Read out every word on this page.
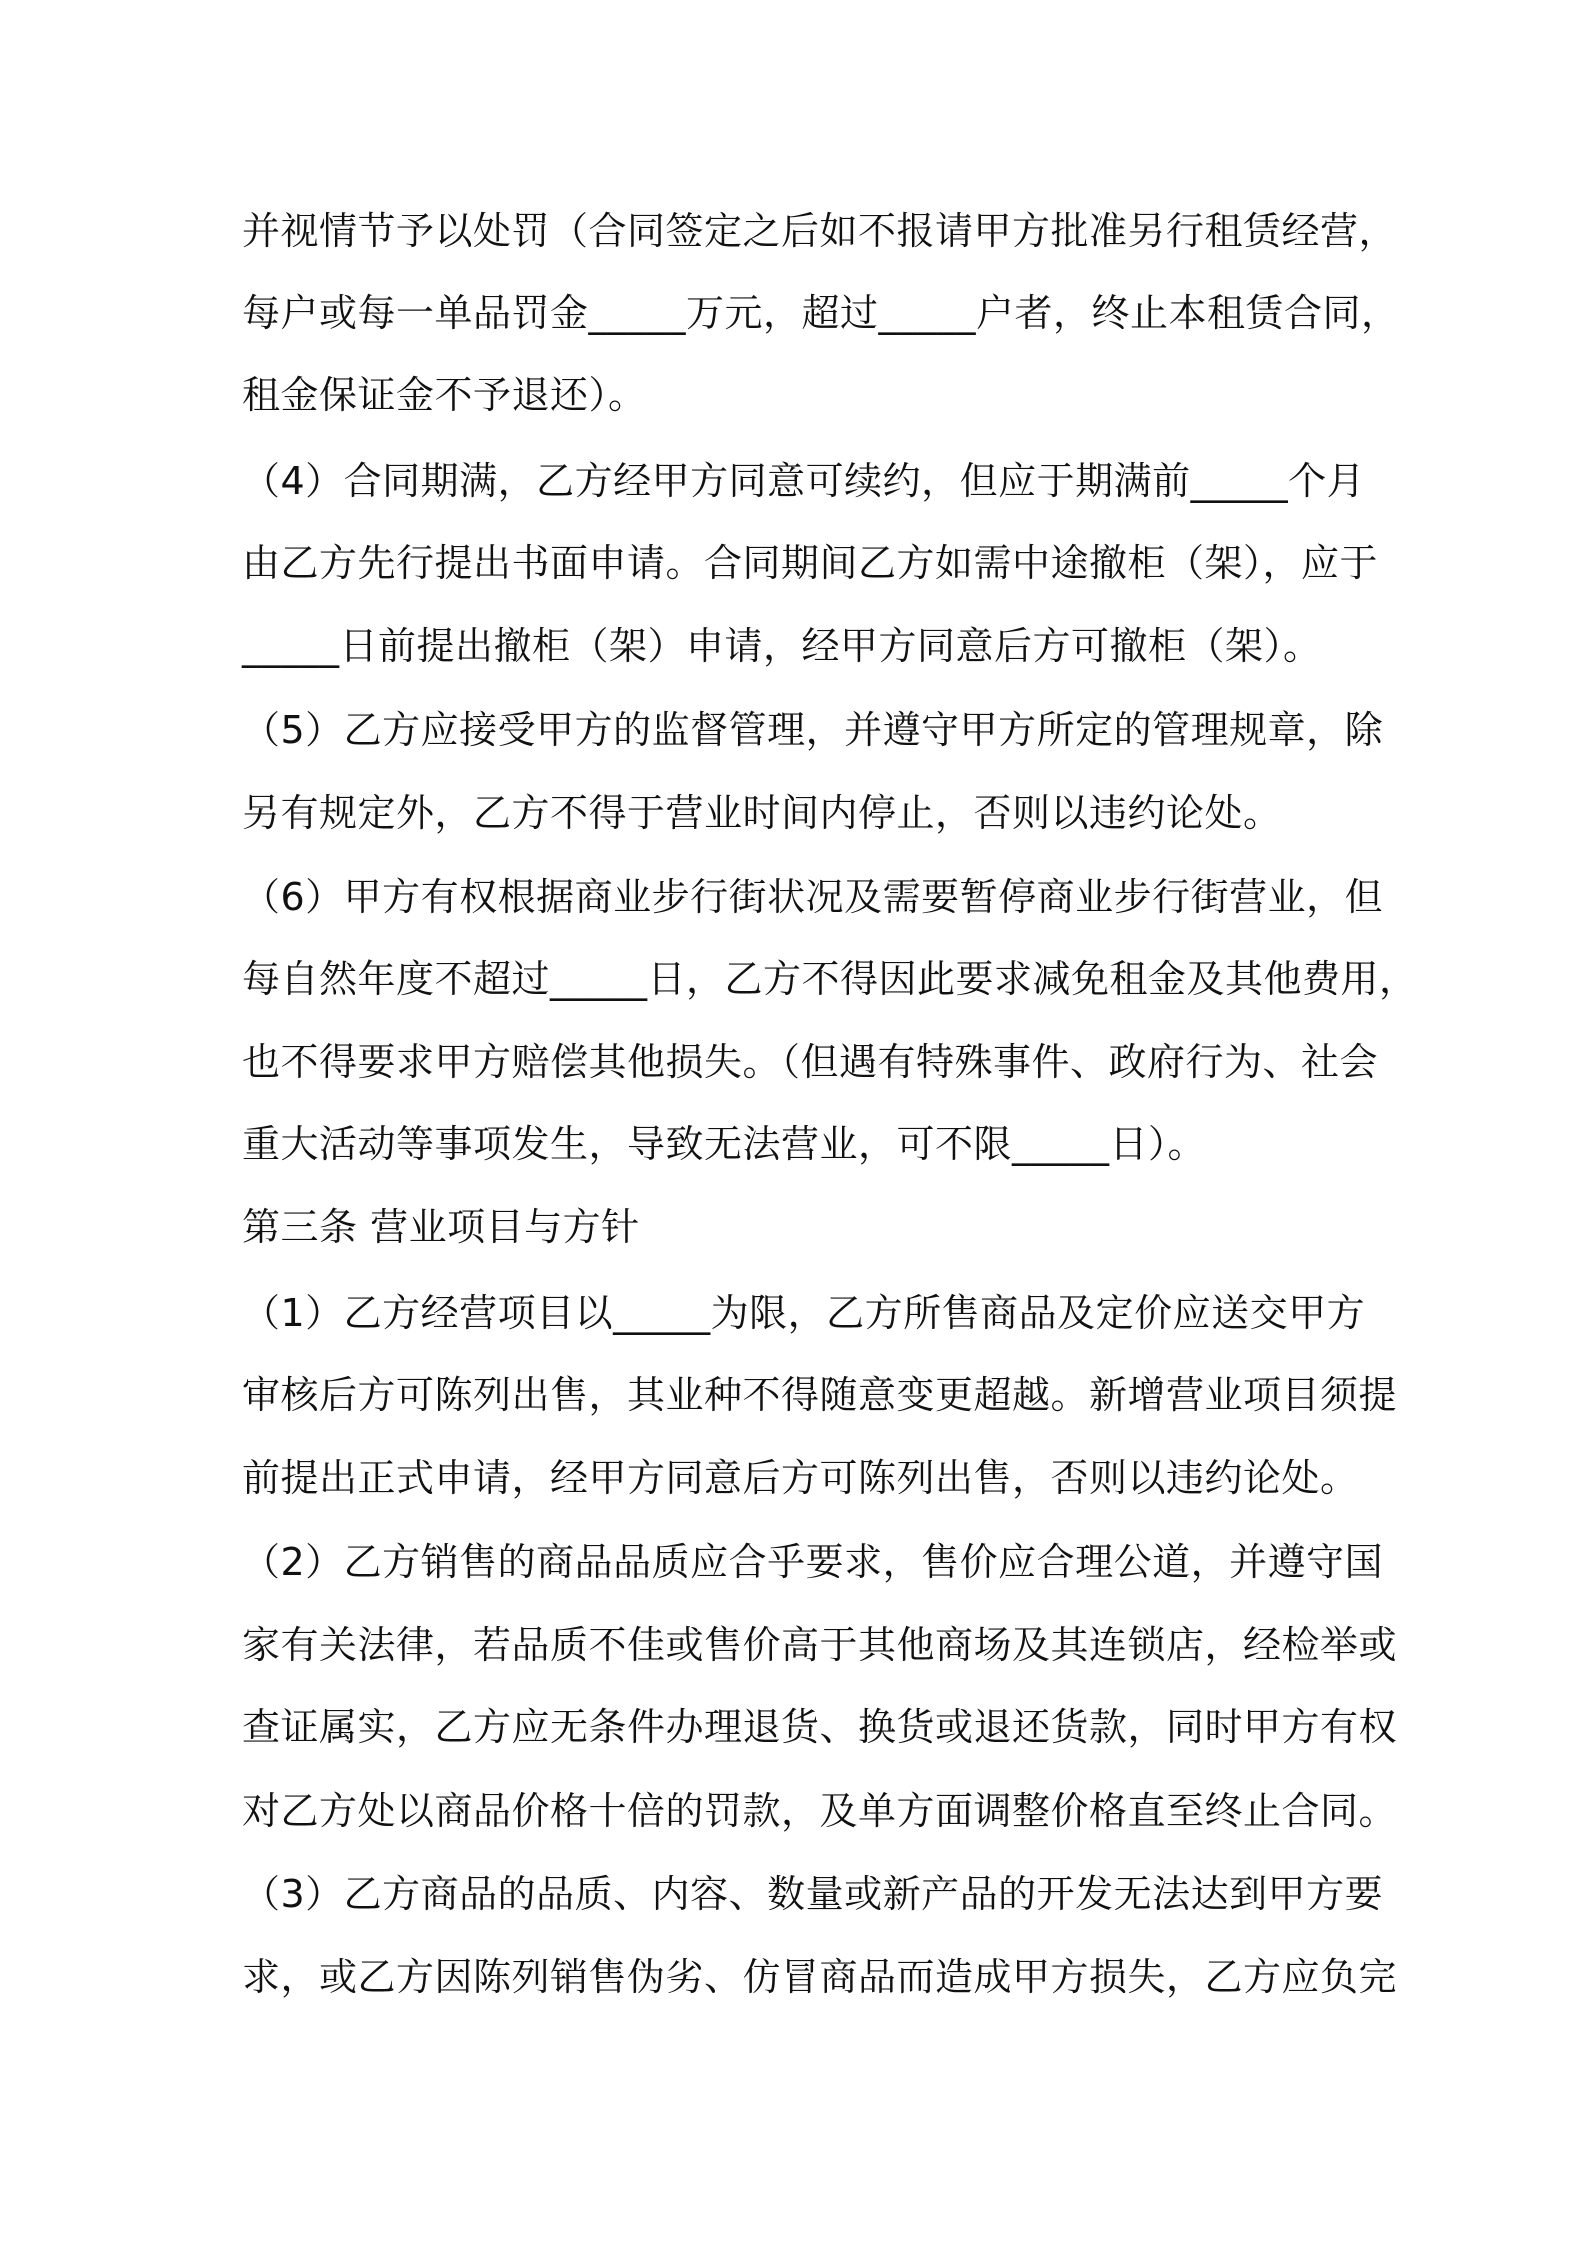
并视情节予以处罚（合同签定之后如不报请甲方批准另行租赁经营，
每户或每一单品罚金_____万元，超过_____户者，终止本租赁合同，
租金保证金不予退还）。
（4）合同期满，乙方经甲方同意可续约，但应于期满前_____个月
由乙方先行提出书面申请。合同期间乙方如需中途撤柜（架），应于
_____日前提出撤柜（架）申请，经甲方同意后方可撤柜（架）。
（5）乙方应接受甲方的监督管理，并遵守甲方所定的管理规章，除
另有规定外，乙方不得于营业时间内停止，否则以违约论处。
（6）甲方有权根据商业步行街状况及需要暂停商业步行街营业，但
每自然年度不超过_____日，乙方不得因此要求减免租金及其他费用，
也不得要求甲方赔偿其他损失。（但遇有特殊事件、政府行为、社会
重大活动等事项发生，导致无法营业，可不限_____日）。
第三条 营业项目与方针
（1）乙方经营项目以_____为限，乙方所售商品及定价应送交甲方
审核后方可陈列出售，其业种不得随意变更超越。新增营业项目须提
前提出正式申请，经甲方同意后方可陈列出售，否则以违约论处。
（2）乙方销售的商品品质应合乎要求，售价应合理公道，并遵守国
家有关法律，若品质不佳或售价高于其他商场及其连锁店，经检举或
查证属实，乙方应无条件办理退货、换货或退还货款，同时甲方有权
对乙方处以商品价格十倍的罚款，及单方面调整价格直至终止合同。
（3）乙方商品的品质、内容、数量或新产品的开发无法达到甲方要
求，或乙方因陈列销售伪劣、仿冒商品而造成甲方损失，乙方应负完
